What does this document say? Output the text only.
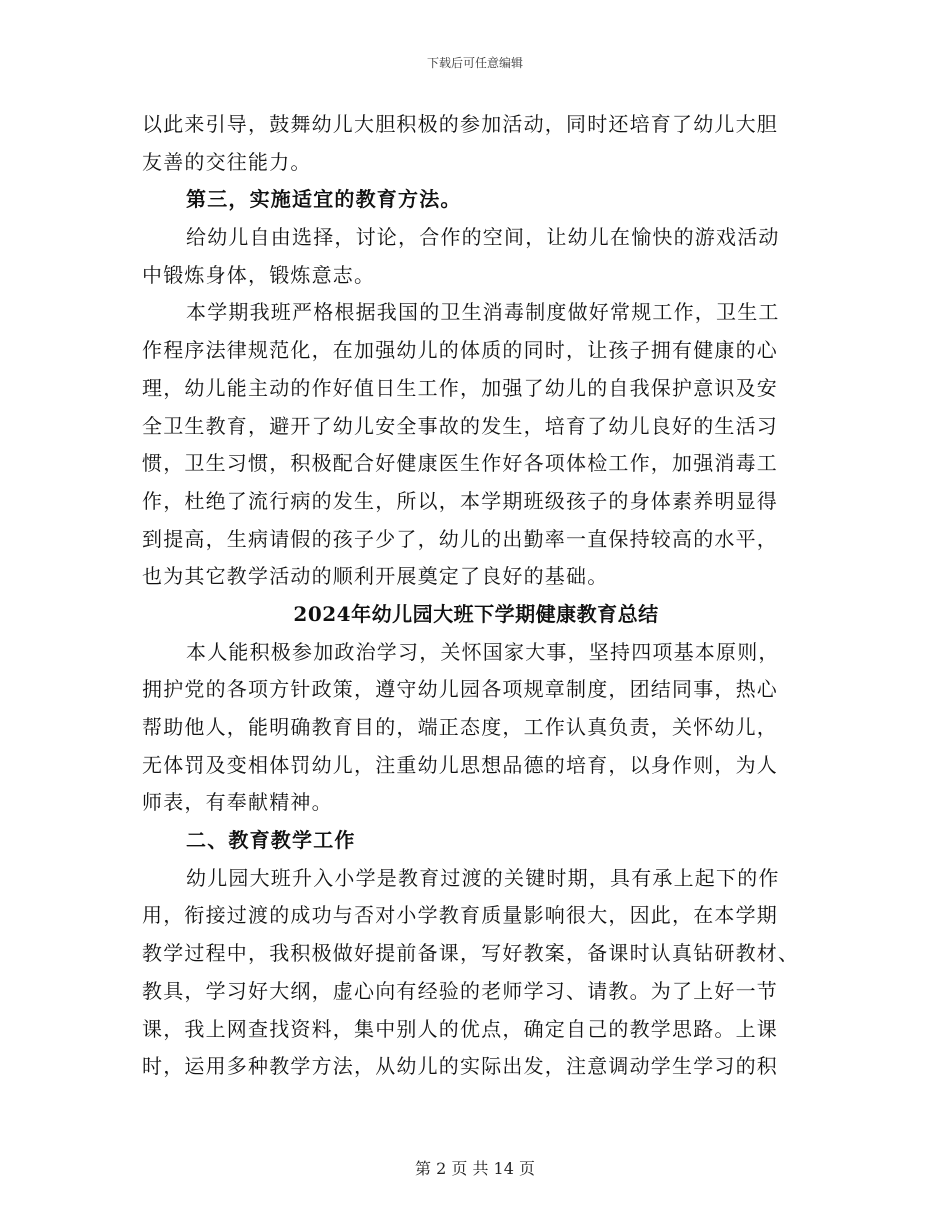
下载后可任意编辑
以此来引导，鼓舞幼儿大胆积极的参加活动，同时还培育了幼儿大胆
友善的交往能力。
第三，实施适宜的教育方法。
给幼儿自由选择，讨论，合作的空间，让幼儿在愉快的游戏活动
中锻炼身体，锻炼意志。
本学期我班严格根据我国的卫生消毒制度做好常规工作，卫生工
作程序法律规范化，在加强幼儿的体质的同时，让孩子拥有健康的心
理，幼儿能主动的作好值日生工作，加强了幼儿的自我保护意识及安
全卫生教育，避开了幼儿安全事故的发生，培育了幼儿良好的生活习
惯，卫生习惯，积极配合好健康医生作好各项体检工作，加强消毒工
作，杜绝了流行病的发生，所以，本学期班级孩子的身体素养明显得
到提高，生病请假的孩子少了，幼儿的出勤率一直保持较高的水平，
也为其它教学活动的顺利开展奠定了良好的基础。
2024年幼儿园大班下学期健康教育总结
本人能积极参加政治学习，关怀国家大事，坚持四项基本原则，
拥护党的各项方针政策，遵守幼儿园各项规章制度，团结同事，热心
帮助他人，能明确教育目的，端正态度，工作认真负责，关怀幼儿，
无体罚及变相体罚幼儿，注重幼儿思想品德的培育，以身作则，为人
师表，有奉献精神。
二、教育教学工作
幼儿园大班升入小学是教育过渡的关键时期，具有承上起下的作
用，衔接过渡的成功与否对小学教育质量影响很大，因此，在本学期
教学过程中，我积极做好提前备课，写好教案，备课时认真钻研教材、
教具，学习好大纲，虚心向有经验的老师学习、请教。为了上好一节
课，我上网查找资料，集中别人的优点，确定自己的教学思路。上课
时，运用多种教学方法，从幼儿的实际出发，注意调动学生学习的积
第 2 页 共 14 页
